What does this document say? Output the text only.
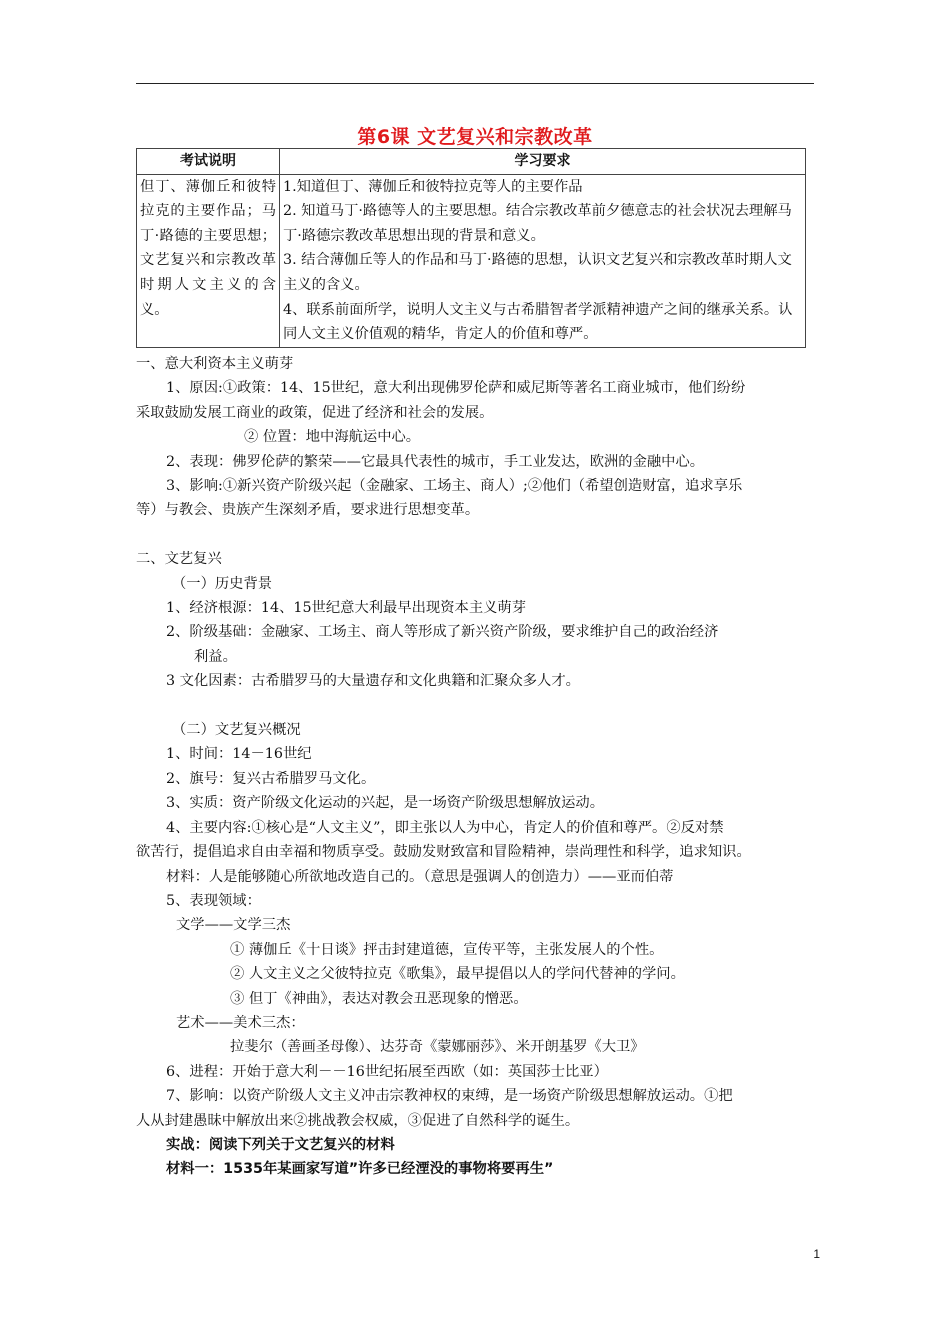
第6课 文艺复兴和宗教改革
考试说明	学习要求
但丁、薄伽丘和彼特拉克的主要作品；马丁·路德的主要思想；文艺复兴和宗教改革时期人文主义的含义。	1.知道但丁、薄伽丘和彼特拉克等人的主要作品
2. 知道马丁·路德等人的主要思想。结合宗教改革前夕德意志的社会状况去理解马丁·路德宗教改革思想出现的背景和意义。
3. 结合薄伽丘等人的作品和马丁·路德的思想，认识文艺复兴和宗教改革时期人文主义的含义。
4、联系前面所学，说明人文主义与古希腊智者学派精神遗产之间的继承关系。认同人文主义价值观的精华，肯定人的价值和尊严。

一、意大利资本主义萌芽

1、原因:①政策：14、15世纪，意大利出现佛罗伦萨和威尼斯等著名工商业城市，他们纷纷

采取鼓励发展工商业的政策，促进了经济和社会的发展。

② 位置：地中海航运中心。

2、表现：佛罗伦萨的繁荣——它最具代表性的城市，手工业发达，欧洲的金融中心。

3、影响:①新兴资产阶级兴起（金融家、工场主、商人）;②他们（希望创造财富，追求享乐

等）与教会、贵族产生深刻矛盾，要求进行思想变革。

二、文艺复兴

（一）历史背景

1、经济根源：14、15世纪意大利最早出现资本主义萌芽

2、阶级基础：金融家、工场主、商人等形成了新兴资产阶级，要求维护自己的政治经济

利益。

3 文化因素：古希腊罗马的大量遗存和文化典籍和汇聚众多人才。

（二）文艺复兴概况

1、时间：14－16世纪

2、旗号：复兴古希腊罗马文化。

3、实质：资产阶级文化运动的兴起，是一场资产阶级思想解放运动。

4、主要内容:①核心是“人文主义”，即主张以人为中心，肯定人的价值和尊严。②反对禁

欲苦行，提倡追求自由幸福和物质享受。鼓励发财致富和冒险精神，崇尚理性和科学，追求知识。

材料：人是能够随心所欲地改造自己的。（意思是强调人的创造力）——亚而伯蒂

5、表现领域：

文学——文学三杰

① 薄伽丘《十日谈》抨击封建道德，宣传平等，主张发展人的个性。

② 人文主义之父彼特拉克《歌集》，最早提倡以人的学问代替神的学问。

③ 但丁《神曲》，表达对教会丑恶现象的憎恶。

艺术——美术三杰：

拉斐尔（善画圣母像）、达芬奇《蒙娜丽莎》、米开朗基罗《大卫》

6、进程：开始于意大利－－16世纪拓展至西欧（如：英国莎士比亚）

7、影响：以资产阶级人文主义冲击宗教神权的束缚，是一场资产阶级思想解放运动。①把

人从封建愚昧中解放出来②挑战教会权威，③促进了自然科学的诞生。

实战：阅读下列关于文艺复兴的材料

材料一：1535年某画家写道”许多已经湮没的事物将要再生”

1
